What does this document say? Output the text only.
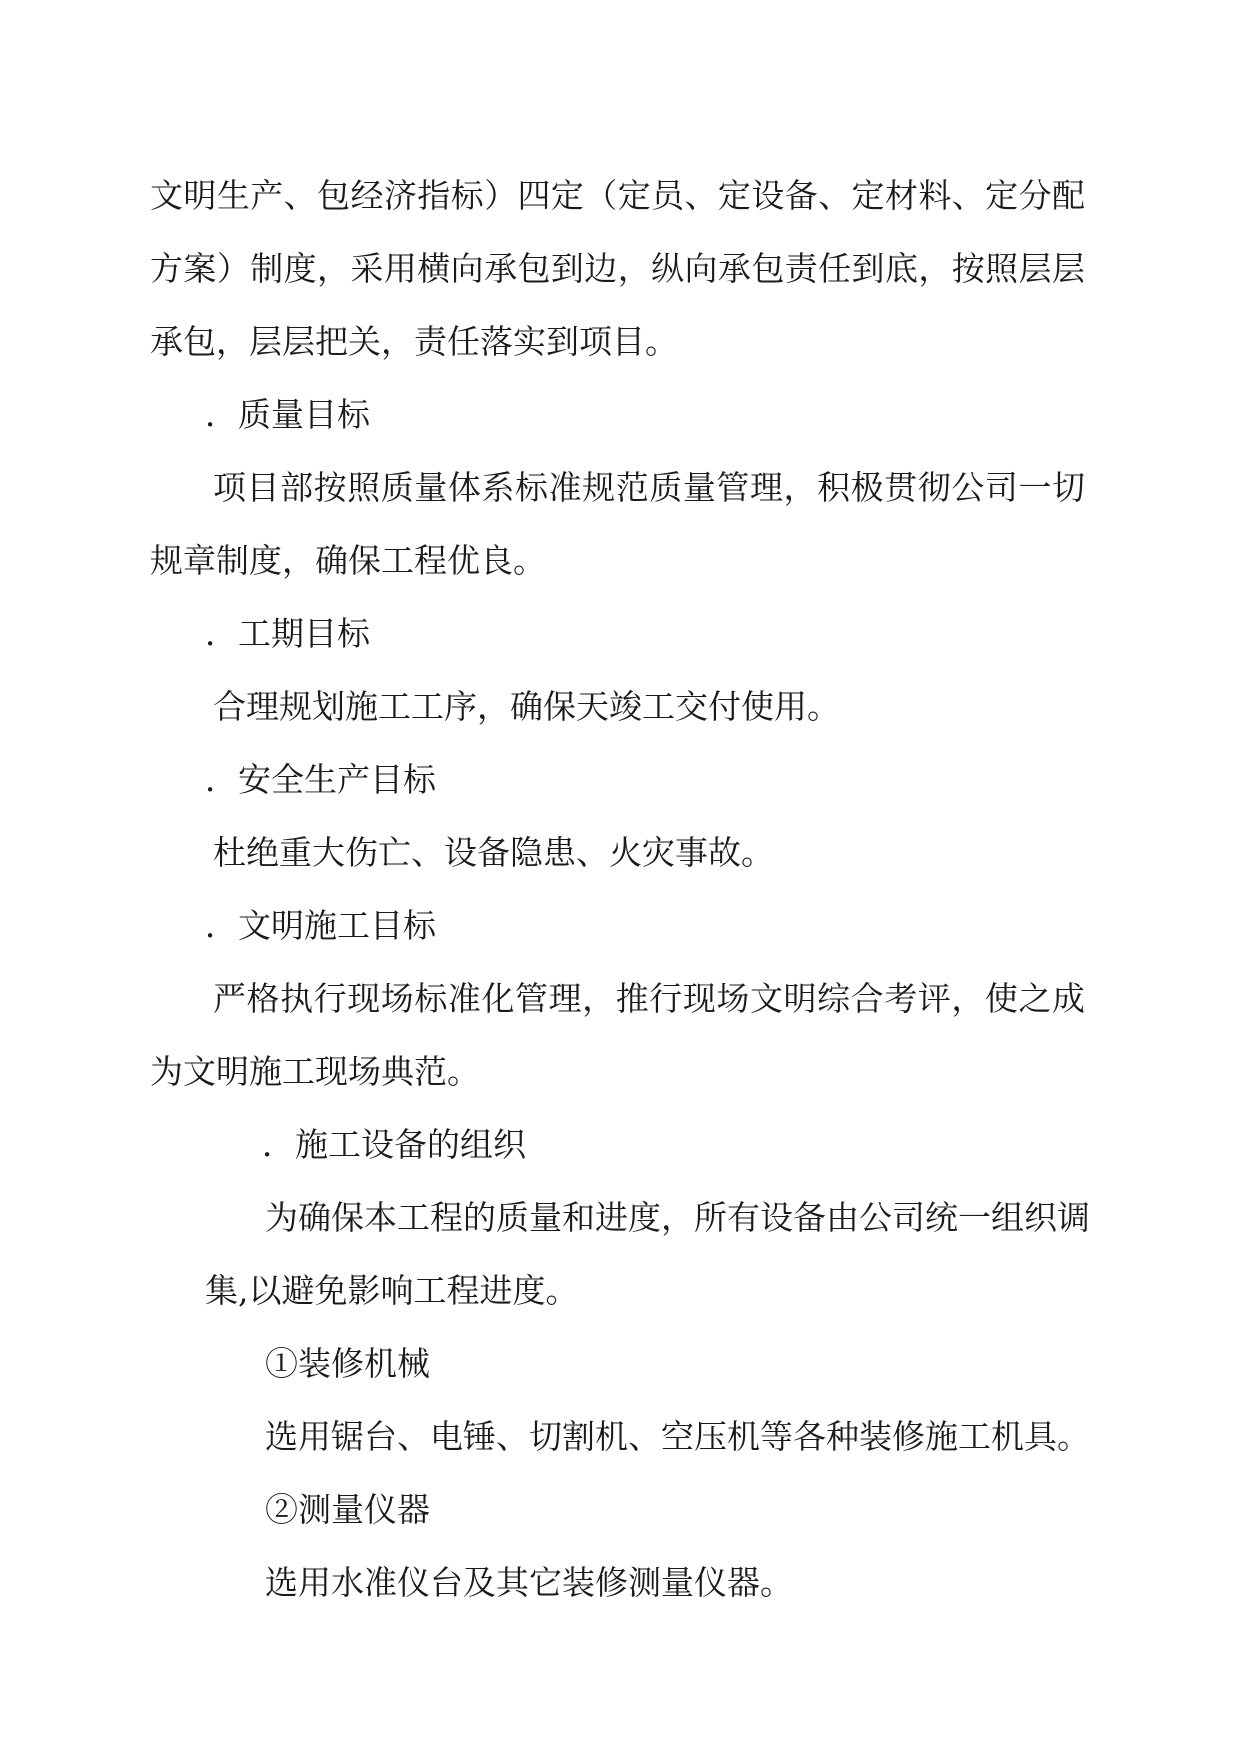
文明生产、包经济指标）四定（定员、定设备、定材料、定分配
方案）制度，采用横向承包到边，纵向承包责任到底，按照层层
承包，层层把关，责任落实到项目。
．质量目标
项目部按照质量体系标准规范质量管理，积极贯彻公司一切
规章制度，确保工程优良。
．工期目标
合理规划施工工序，确保天竣工交付使用。
．安全生产目标
杜绝重大伤亡、设备隐患、火灾事故。
．文明施工目标
严格执行现场标准化管理，推行现场文明综合考评，使之成
为文明施工现场典范。
．施工设备的组织
为确保本工程的质量和进度，所有设备由公司统一组织调
集,以避免影响工程进度。
①装修机械
选用锯台、电锤、切割机、空压机等各种装修施工机具。
②测量仪器
选用水准仪台及其它装修测量仪器。
